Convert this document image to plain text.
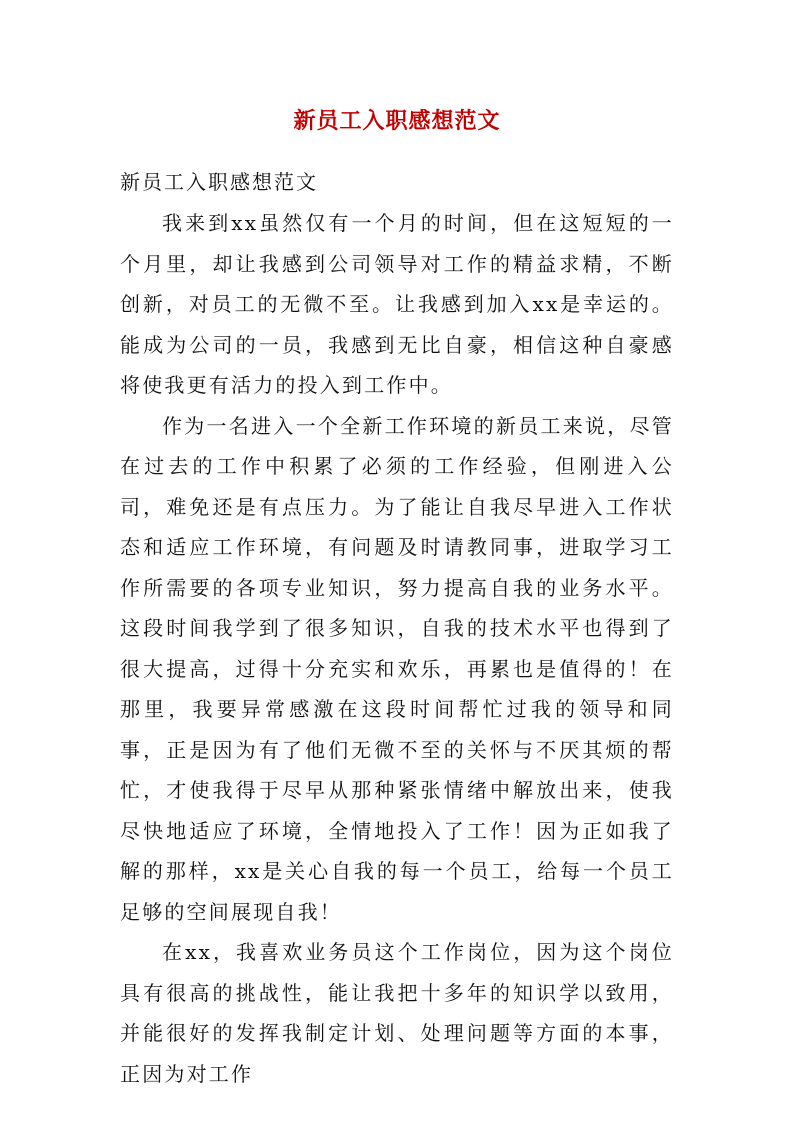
新员工入职感想范文
新员工入职感想范文

我来到xx虽然仅有一个月的时间，但在这短短的一个月里，却让我感到公司领导对工作的精益求精，不断创新，对员工的无微不至。让我感到加入xx是幸运的。能成为公司的一员，我感到无比自豪，相信这种自豪感将使我更有活力的投入到工作中。

作为一名进入一个全新工作环境的新员工来说，尽管在过去的工作中积累了必须的工作经验，但刚进入公司，难免还是有点压力。为了能让自我尽早进入工作状态和适应工作环境，有问题及时请教同事，进取学习工作所需要的各项专业知识，努力提高自我的业务水平。这段时间我学到了很多知识，自我的技术水平也得到了很大提高，过得十分充实和欢乐，再累也是值得的！在那里，我要异常感激在这段时间帮忙过我的领导和同事，正是因为有了他们无微不至的关怀与不厌其烦的帮忙，才使我得于尽早从那种紧张情绪中解放出来，使我尽快地适应了环境，全情地投入了工作！因为正如我了解的那样，xx是关心自我的每一个员工，给每一个员工足够的空间展现自我！

在xx，我喜欢业务员这个工作岗位，因为这个岗位具有很高的挑战性，能让我把十多年的知识学以致用，并能很好的发挥我制定计划、处理问题等方面的本事，正因为对工作
